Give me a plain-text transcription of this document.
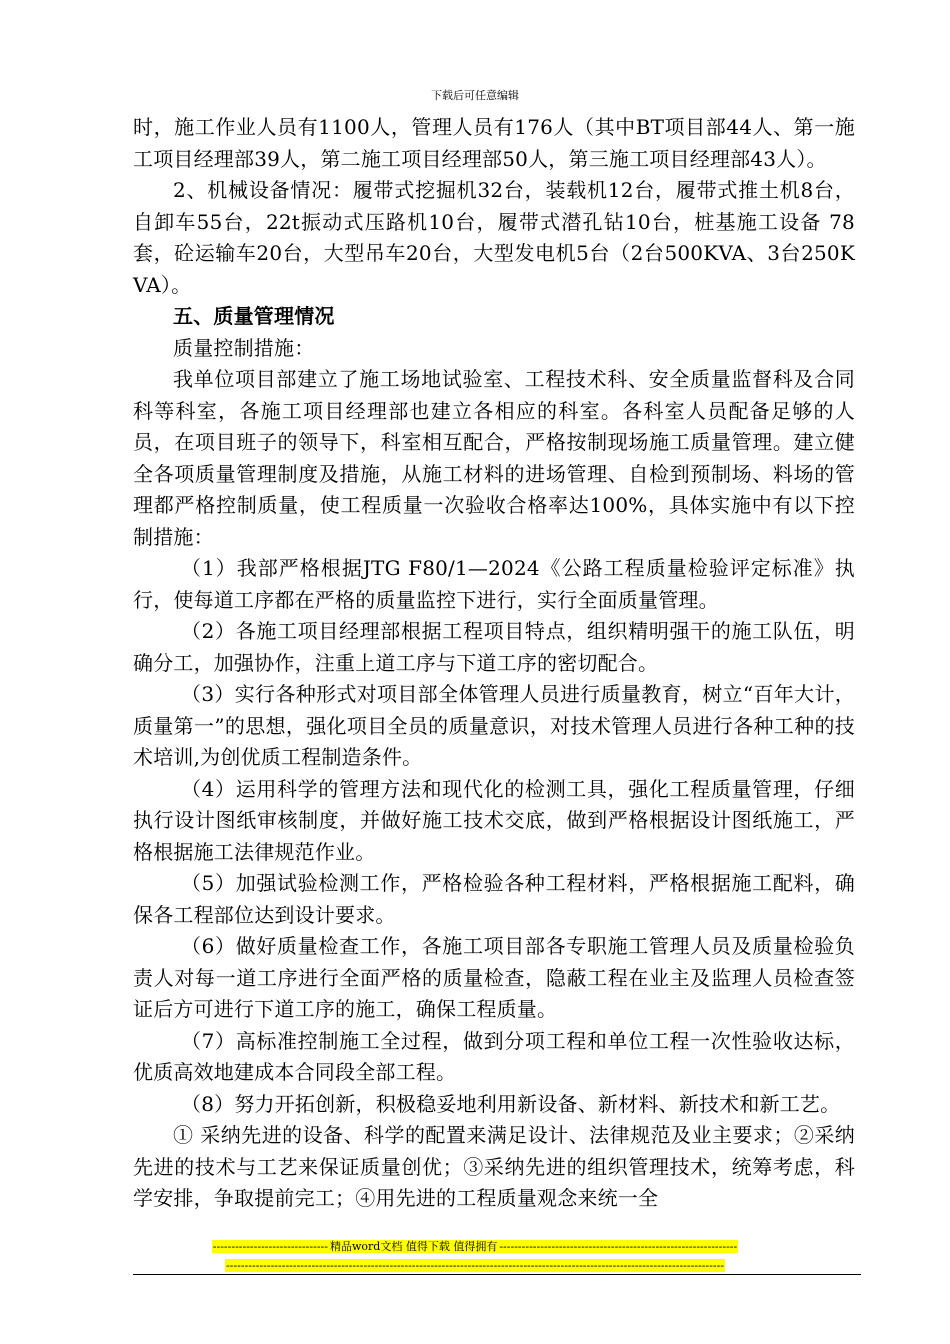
下载后可任意编辑

时，施工作业人员有1100人，管理人员有176人（其中BT项目部44人、第一施工项目经理部39人，第二施工项目经理部50人，第三施工项目经理部43人）。

2、机械设备情况：履带式挖掘机32台，装载机12台，履带式推土机8台，自卸车55台，22t振动式压路机10台，履带式潜孔钻10台，桩基施工设备 78套，砼运输车20台，大型吊车20台，大型发电机5台（2台500KVA、3台250KVA）。

五、质量管理情况

质量控制措施：

我单位项目部建立了施工场地试验室、工程技术科、安全质量监督科及合同科等科室，各施工项目经理部也建立各相应的科室。各科室人员配备足够的人员，在项目班子的领导下，科室相互配合，严格按制现场施工质量管理。建立健全各项质量管理制度及措施，从施工材料的进场管理、自检到预制场、料场的管理都严格控制质量，使工程质量一次验收合格率达100%，具体实施中有以下控制措施：

（1）我部严格根据JTG F80/1—2024《公路工程质量检验评定标准》执行，使每道工序都在严格的质量监控下进行，实行全面质量管理。

（2）各施工项目经理部根据工程项目特点，组织精明强干的施工队伍，明确分工，加强协作，注重上道工序与下道工序的密切配合。

（3）实行各种形式对项目部全体管理人员进行质量教育，树立“百年大计，质量第一”的思想，强化项目全员的质量意识，对技术管理人员进行各种工种的技术培训,为创优质工程制造条件。

（4）运用科学的管理方法和现代化的检测工具，强化工程质量管理，仔细执行设计图纸审核制度，并做好施工技术交底，做到严格根据设计图纸施工，严格根据施工法律规范作业。

（5）加强试验检测工作，严格检验各种工程材料，严格根据施工配料，确保各工程部位达到设计要求。

（6）做好质量检查工作，各施工项目部各专职施工管理人员及质量检验负责人对每一道工序进行全面严格的质量检查，隐蔽工程在业主及监理人员检查签证后方可进行下道工序的施工，确保工程质量。

（7）高标准控制施工全过程，做到分项工程和单位工程一次性验收达标，优质高效地建成本合同段全部工程。

（8）努力开拓创新，积极稳妥地利用新设备、新材料、新技术和新工艺。

① 采纳先进的设备、科学的配置来满足设计、法律规范及业主要求；②采纳先进的技术与工艺来保证质量创优；③采纳先进的组织管理技术，统筹考虑，科学安排，争取提前完工；④用先进的工程质量观念来统一全

------------------------------- 精品word文档 值得下载 值得拥有 ----------------------------------------------------------------
--------------------------------------------------------------------------------------------------------------------------------------
